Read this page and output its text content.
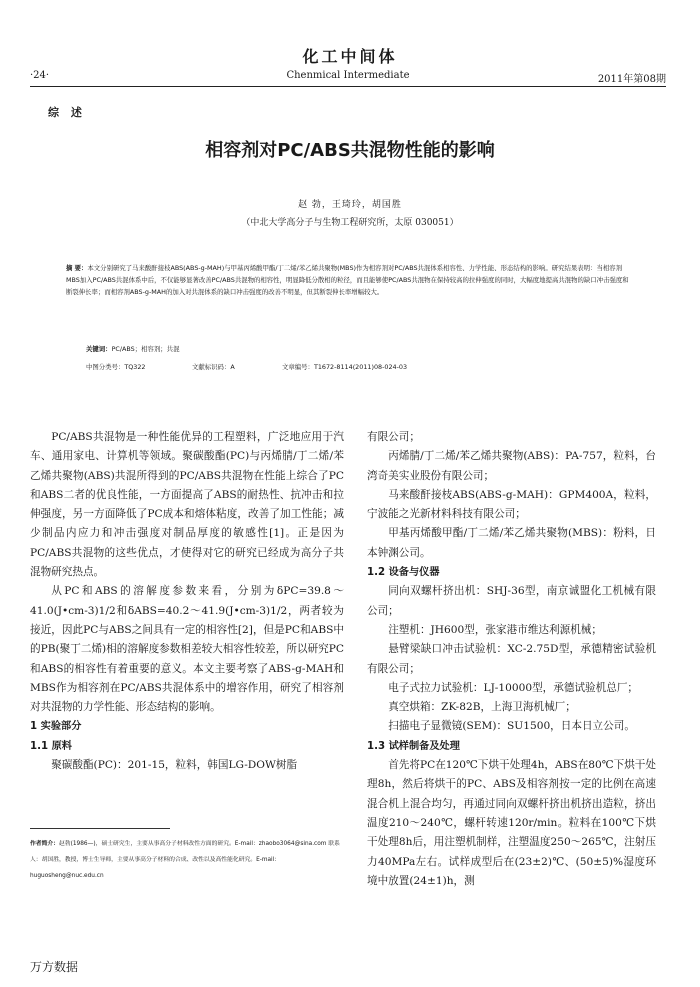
化工中间体
·24·	Chenmical Intermediate	2011年第08期
综 述
相容剂对PC/ABS共混物性能的影响
赵 勃，王琦玲，胡国胜
（中北大学高分子与生物工程研究所，太原 030051）
摘 要：本文分别研究了马来酸酐接枝ABS(ABS-g-MAH)与甲基丙烯酸甲酯/丁二烯/苯乙烯共聚物(MBS)作为相容剂对PC/ABS共混体系相容性、力学性能、形态结构的影响。研究结果表明：当相容剂MBS加入PC/ABS共混体系中后，不仅能够显著改善PC/ABS共混物的相容性，明显降低分散相的粒径，而且能够使PC/ABS共混物在保持较高的拉伸强度的同时，大幅度地提高共混物的缺口冲击强度和断裂伸长率；而相容剂ABS-g-MAH的加入对共混体系的缺口冲击强度的改善不明显，但其断裂伸长率增幅较大。
关键词：PC/ABS；相容剂；共混
中图分类号：TQ322	文献标识码：A	文章编号：T1672-8114(2011)08-024-03

PC/ABS共混物是一种性能优异的工程塑料，广泛地应用于汽车、通用家电、计算机等领域。聚碳酸酯(PC)与丙烯腈/丁二烯/苯乙烯共聚物(ABS)共混所得到的PC/ABS共混物在性能上综合了PC和ABS二者的优良性能，一方面提高了ABS的耐热性、抗冲击和拉伸强度，另一方面降低了PC成本和熔体粘度，改善了加工性能；减少制品内应力和冲击强度对制品厚度的敏感性[1]。正是因为PC/ABS共混物的这些优点，才使得对它的研究已经成为高分子共混物研究热点。

从PC和ABS的溶解度参数来看，分别为δPC=39.8～41.0(J•cm-3)1/2和δABS=40.2～41.9(J•cm-3)1/2，两者较为接近，因此PC与ABS之间具有一定的相容性[2]，但是PC和ABS中的PB(聚丁二烯)相的溶解度参数相差较大相容性较差，所以研究PC和ABS的相容性有着重要的意义。本文主要考察了ABS-g-MAH和MBS作为相容剂在PC/ABS共混体系中的增容作用，研究了相容剂对共混物的力学性能、形态结构的影响。

1 实验部分

1.1 原料

聚碳酸酯(PC)：201-15，粒料，韩国LG-DOW树脂

有限公司；

丙烯腈/丁二烯/苯乙烯共聚物(ABS)：PA-757，粒料，台湾奇美实业股份有限公司；

马来酸酐接枝ABS(ABS-g-MAH)：GPM400A，粒料，宁波能之光新材料科技有限公司；

甲基丙烯酸甲酯/丁二烯/苯乙烯共聚物(MBS)：粉料，日本钟渊公司。

1.2 设备与仪器

同向双螺杆挤出机：SHJ-36型，南京诚盟化工机械有限公司；

注塑机：JH600型，张家港市维达利源机械；

悬臂梁缺口冲击试验机：XC-2.75D型，承德精密试验机有限公司；

电子式拉力试验机：LJ-10000型，承德试验机总厂；

真空烘箱：ZK-82B，上海卫海机械厂；

扫描电子显微镜(SEM)：SU1500，日本日立公司。

1.3 试样制备及处理

首先将PC在120℃下烘干处理4h，ABS在80℃下烘干处理8h，然后将烘干的PC、ABS及相容剂按一定的比例在高速混合机上混合均匀，再通过同向双螺杆挤出机挤出造粒，挤出温度210～240℃，螺杆转速120r/min。粒料在100℃下烘干处理8h后，用注塑机制样，注塑温度250～265℃，注射压力40MPa左右。试样成型后在(23±2)℃、(50±5)%湿度环境中放置(24±1)h，测

作者简介：赵勃(1986—)，硕士研究生，主要从事高分子材料改性方面的研究。E-mail：zhaobo3064@sina.com 联系人：胡国胜，教授，博士生导师，主要从事高分子材料的合成、改性以及高性能化研究。E-mail：huguosheng@nuc.edu.cn
万方数据
